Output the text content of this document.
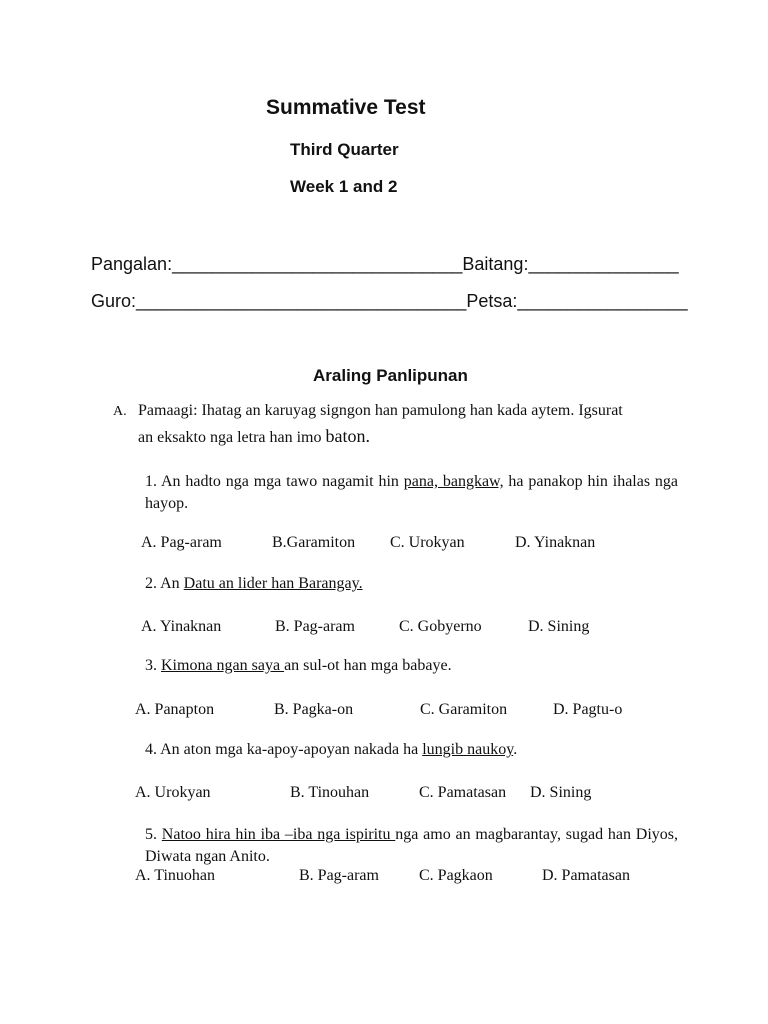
Summative Test
Third Quarter
Week 1 and 2
Pangalan:_____________________________Baitang:_______________
Guro:_________________________________Petsa:_________________
Araling Panlipunan
A. Pamaagi: Ihatag an karuyag signgon han pamulong han kada aytem. Igsurat
an eksakto nga letra han imo baton.
1. An hadto nga mga tawo nagamit hin pana, bangkaw, ha panakop hin ihalas nga hayop.
A. Pag-aram	B.Garamiton C. Urokyan	D. Yinaknan
2. An Datu an lider han Barangay.
A. Yinaknan	B. Pag-aram	C. Gobyerno	D. Sining
3. Kimona ngan saya an sul-ot han mga babaye.
A. Panapton	B. Pagka-on	C. Garamiton	D. Pagtu-o
4. An aton mga ka-apoy-apoyan nakada ha lungib naukoy.
A. Urokyan	B. Tinouhan	C. Pamatasan D. Sining
5. Natoo hira hin iba –iba nga ispiritu nga amo an magbarantay, sugad han Diyos, Diwata ngan Anito.
A. Tinuohan	B. Pag-aram	C. Pagkaon	D. Pamatasan
